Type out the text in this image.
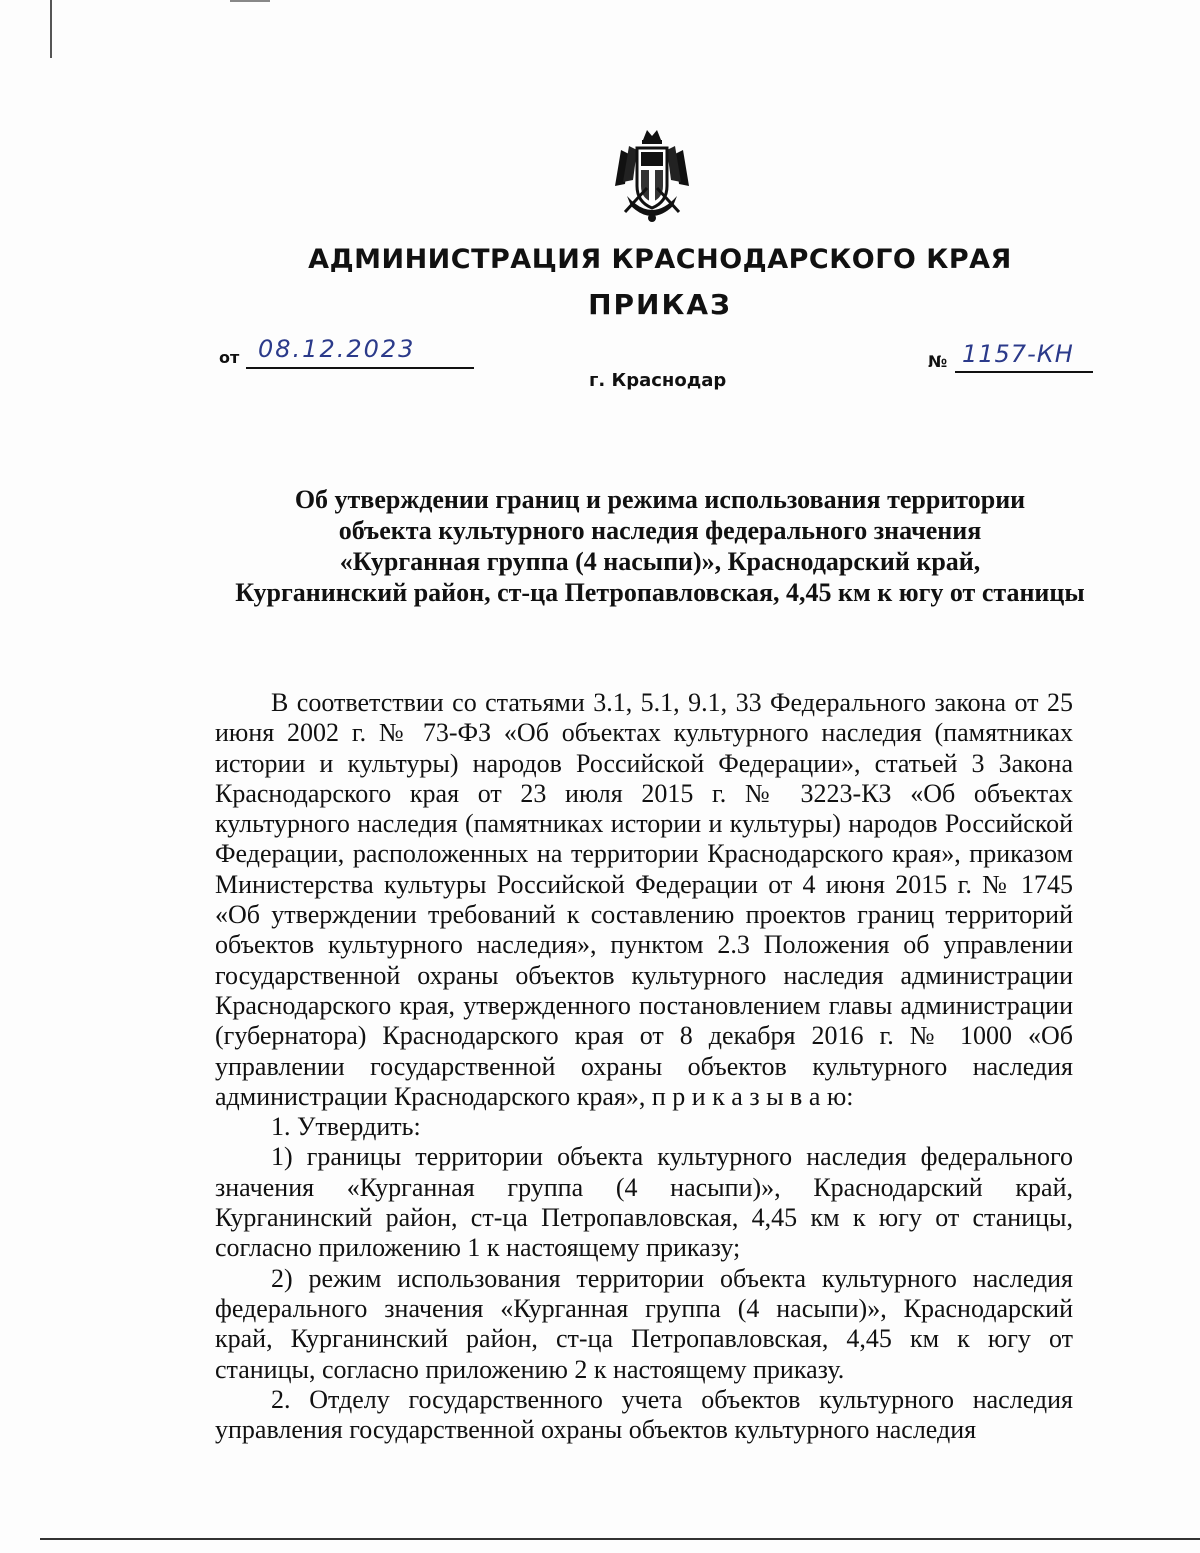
АДМИНИСТРАЦИЯ КРАСНОДАРСКОГО КРАЯ
ПРИКАЗ
от 08.12.2023
г. Краснодар
№ 1157-КН
Об утверждении границ и режима использования территории
объекта культурного наследия федерального значения
«Курганная группа (4 насыпи)», Краснодарский край,
Курганинский район, ст-ца Петропавловская, 4,45 км к югу от станицы

В соответствии со статьями 3.1, 5.1, 9.1, 33 Федерального закона от 25 июня 2002 г. № 73-ФЗ «Об объектах культурного наследия (памятниках истории и культуры) народов Российской Федерации», статьей 3 Закона Краснодарского края от 23 июля 2015 г. № 3223-КЗ «Об объектах культурного наследия (памятниках истории и культуры) народов Российской Федерации, расположенных на территории Краснодарского края», приказом Министерства культуры Российской Федерации от 4 июня 2015 г. № 1745 «Об утверждении требований к составлению проектов границ территорий объектов культурного наследия», пунктом 2.3 Положения об управлении государственной охраны объектов культурного наследия администрации Краснодарского края, утвержденного постановлением главы администрации (губернатора) Краснодарского края от 8 декабря 2016 г. № 1000 «Об управлении государственной охраны объектов культурного наследия администрации Краснодарского края», п р и к а з ы в а ю:

1. Утвердить:

1) границы территории объекта культурного наследия федерального значения «Курганная группа (4 насыпи)», Краснодарский край, Курганинский район, ст-ца Петропавловская, 4,45 км к югу от станицы, согласно приложению 1 к настоящему приказу;

2) режим использования территории объекта культурного наследия федерального значения «Курганная группа (4 насыпи)», Краснодарский край, Курганинский район, ст-ца Петропавловская, 4,45 км к югу от станицы, согласно приложению 2 к настоящему приказу.

2. Отделу государственного учета объектов культурного наследия управления государственной охраны объектов культурного наследия
